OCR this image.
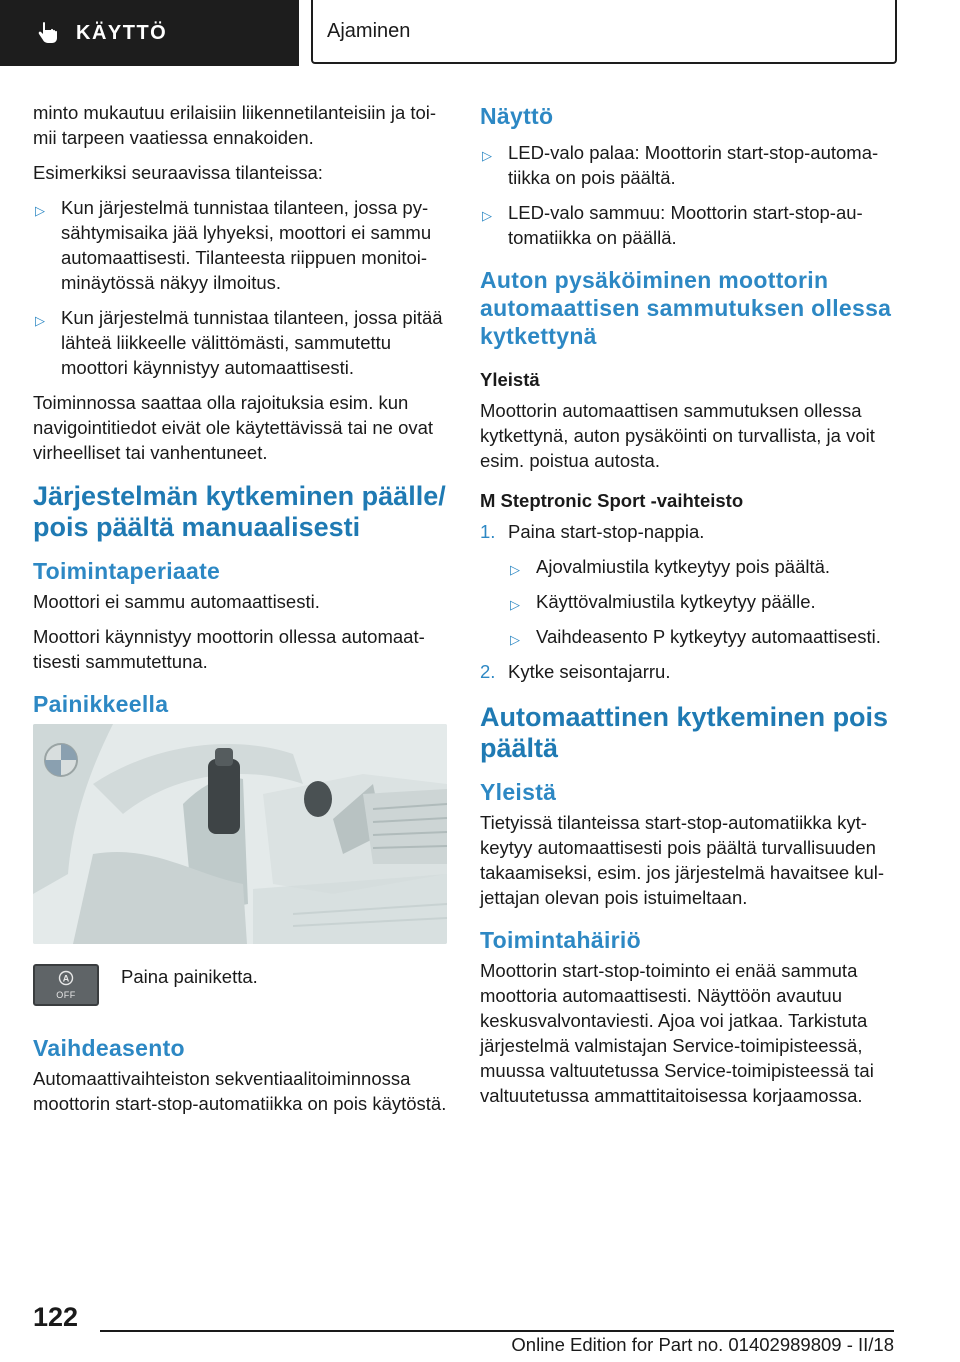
KÄYTTÖ	Ajaminen

minto mukautuu erilaisiin liikennetilanteisiin ja toimii tarpeen vaatiessa ennakoiden.

Esimerkiksi seuraavissa tilanteissa:

▷ Kun järjestelmä tunnistaa tilanteen, jossa pysähtymisaika jää lyhyeksi, moottori ei sammu automaattisesti. Tilanteesta riippuen monitoiminäytössä näkyy ilmoitus.
▷ Kun järjestelmä tunnistaa tilanteen, jossa pitää lähteä liikkeelle välittömästi, sammutettu moottori käynnistyy automaattisesti.

Toiminnossa saattaa olla rajoituksia esim. kun navigointitiedot eivät ole käytettävissä tai ne ovat virheelliset tai vanhentuneet.

Järjestelmän kytkeminen päälle/ pois päältä manuaalisesti
Toimintaperiaate

Moottori ei sammu automaattisesti.

Moottori käynnistyy moottorin ollessa automaattisesti sammutettuna.

Painikkeella
A
OFF
Paina painiketta.
Vaihdeasento

Automaattivaihteiston sekventiaalitoiminnossa moottorin start-stop-automatiikka on pois käytöstä.

Näyttö
▷ LED-valo palaa: Moottorin start-stop-automatiikka on pois päältä.
▷ LED-valo sammuu: Moottorin start-stop-automatiikka on päällä.
Auton pysäköiminen moottorin automaattisen sammutuksen ollessa kytkettynä
Yleistä

Moottorin automaattisen sammutuksen ollessa kytkettynä, auton pysäköinti on turvallista, ja voit esim. poistua autosta.

M Steptronic Sport -vaihteisto
1. Paina start-stop-nappia.
▷ Ajovalmiustila kytkeytyy pois päältä.
▷ Käyttövalmiustila kytkeytyy päälle.
▷ Vaihdeasento P kytkeytyy automaattisesti.
2. Kytke seisontajarru.
Automaattinen kytkeminen pois päältä
Yleistä

Tietyissä tilanteissa start-stop-automatiikka kytkeytyy automaattisesti pois päältä turvallisuuden takaamiseksi, esim. jos järjestelmä havaitsee kuljettajan olevan pois istuimeltaan.

Toimintahäiriö

Moottorin start-stop-toiminto ei enää sammuta moottoria automaattisesti. Näyttöön avautuu keskusvalvontaviesti. Ajoa voi jatkaa. Tarkistuta järjestelmä valmistajan Service-toimipisteessä, muussa valtuutetussa Service-toimipisteessä tai valtuutetussa ammattitaitoisessa korjaamossa.

122
Online Edition for Part no. 01402989809 - II/18
